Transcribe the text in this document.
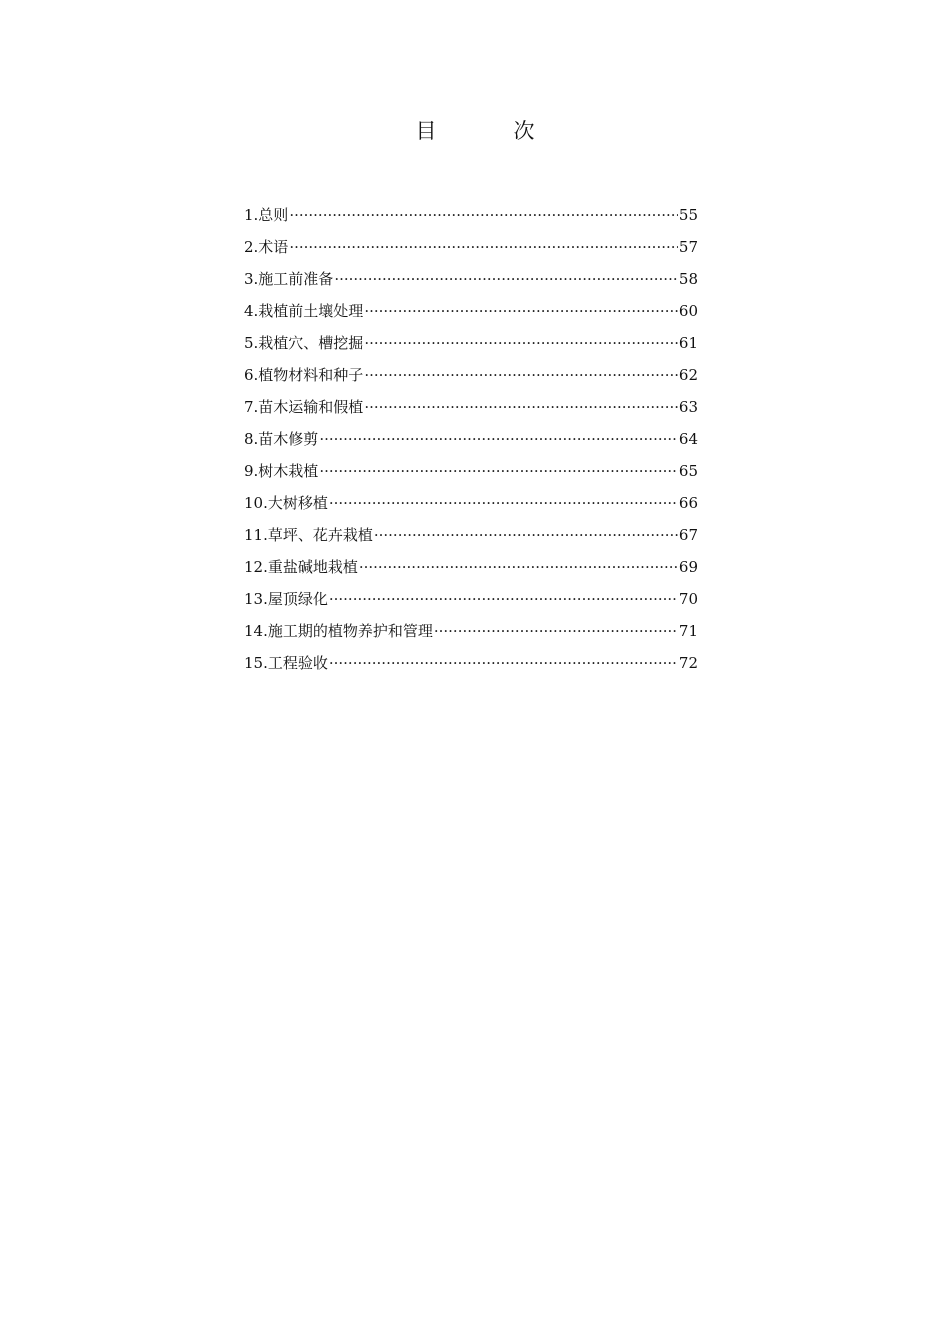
目　次
1.总则 ·····	55
2.术语 ·····	57
3.施工前准备 ·····	58
4.栽植前土壤处理 ·····	60
5.栽植穴、槽挖掘 ·····	61
6.植物材料和种子 ·····	62
7.苗木运输和假植 ·····	63
8.苗木修剪 ·····	64
9.树木栽植 ·····	65
10.大树移植 ·····	66
11.草坪、花卉栽植 ·····	67
12.重盐碱地栽植 ·····	69
13.屋顶绿化 ·····	70
14.施工期的植物养护和管理 ·····	71
15.工程验收 ·····	72
